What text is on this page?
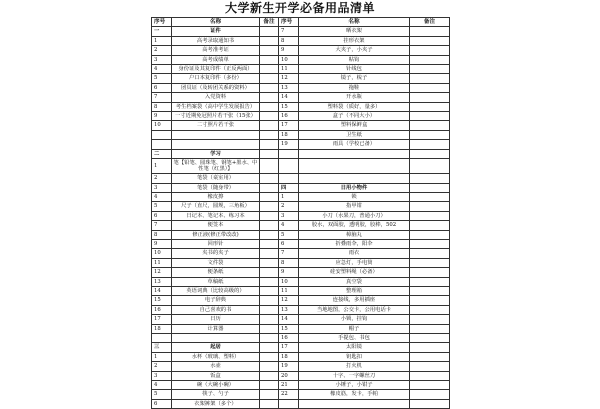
大学新生开学必备用品清单
序号	名称	备注	序号	名称	备注
一	证件		7	晒衣架	
1	高考录取通知书		8	挂形衣架	
2	高考准考证		9	大夹子，小夹子	
3	高考成绩单		10	粘钩	
4	身份证及其复印件（正反两面）		11	针线包	
5	户口本复印件（多份）		12	镜子，梳子	
6	团员证（及转团关系的资料）		13	拖鞋	
7	入党资料		14	开水瓶	
8	考生档案袋（高中学生发展报告）		15	塑料袋（质好，量多）	
9	一寸近期免冠照片若干张（15张）		16	盒子（不同大小）	
10	二寸照片若干张		17	塑料保鲜盒	
			18	卫生纸	
			19	雨具（学校已备）	
二	学习				
1	笔【铅笔、圆珠笔、钢笔+墨水、中性笔（红黑）】				
2	笔袋（桌室用）				
3	笔袋（随身带）		四	日用小物件	
4	橡皮擦		1	锁	
5	尺子（直尺，圆规，三角板）		2	指甲钳	
6	日记本、笔记本、练习本		3	小刀（水果刀，普通小刀）	
7	便签本		4	胶水，双面胶，透明胶，胶棒，502	
8	修正液(修正带改改)		5	樟脑丸	
9	回形针		6	折叠雨伞，阳伞	
10	夹书的夹子		7	雨衣	
11	文件袋		8	应急灯，手电筒	
12	便条纸		9	硅安塑料绳（必备）	
13	草稿纸		10	真空袋	
14	英语词典（比较高级的）		11	整理箱	
15	电子辞典		12	连接线，多用插座	
16	自己喜欢的书		13	当地地图，公交卡，公用电话卡	
17	日历		14	小锁，挂钩	
18	计算器		15	帽子	
			16	手提包、书包	
三	起居		17	太阳镜	
1	水杯（玻璃、塑料）		18	钥匙扣	
2	水壶		19	打火机	
3	饭盒		20	十字、一字螺丝刀	
4	碗（大碗小碗）		21	小锤子，小钳子	
5	筷子、勺子		22	橡皮筋，发卡，手帕	
6	衣架裤架（多个）				
